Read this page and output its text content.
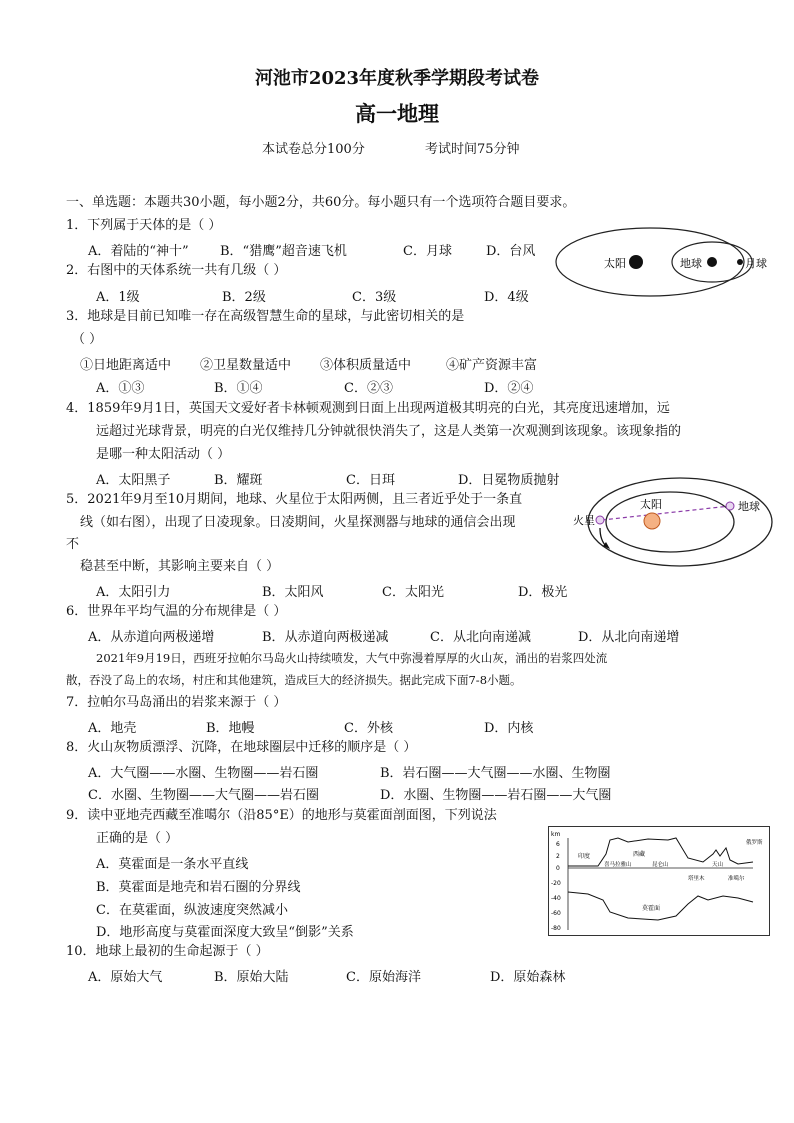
河池市2023年度秋季学期段考试卷
高一地理
本试卷总分100分	考试时间75分钟
一、单选题：本题共30小题，每小题2分，共60分。每小题只有一个选项符合题目要求。
1．下列属于天体的是（ ）
A．着陆的“神十” B．“猎鹰”超音速飞机	C．月球	D．台风
2．右图中的天体系统一共有几级（ ）
A．1级	B．2级	C．3级	D．4级
太阳	地球	月球
3．地球是目前已知唯一存在高级智慧生命的星球，与此密切相关的是
（ ）
①日地距离适中 ②卫星数量适中 ③体积质量适中	④矿产资源丰富
A．①③	B．①④	C．②③	D．②④
4．1859年9月1日，英国天文爱好者卡林顿观测到日面上出现两道极其明亮的白光，其亮度迅速增加，远
远超过光球背景，明亮的白光仅维持几分钟就很快消失了，这是人类第一次观测到该现象。该现象指的
是哪一种太阳活动（ ）
A．太阳黑子	B．耀斑	C．日珥	D．日冕物质抛射
5．2021年9月至10月期间，地球、火星位于太阳两侧，且三者近乎处于一条直
线（如右图），出现了日凌现象。日凌期间，火星探测器与地球的通信会出现
不
稳甚至中断，其影响主要来自（ ）
A．太阳引力	B．太阳风	C．太阳光	D．极光
太阳	地球
火星
6．世界年平均气温的分布规律是（ ）
A．从赤道向两极递增	B．从赤道向两极递减	C．从北向南递减	D．从北向南递增
2021年9月19日，西班牙拉帕尔马岛火山持续喷发，大气中弥漫着厚厚的火山灰，涌出的岩浆四处流
散，吞没了岛上的农场，村庄和其他建筑，造成巨大的经济损失。据此完成下面7-8小题。
7．拉帕尔马岛涌出的岩浆来源于（ ）
A．地壳	B．地幔	C．外核	D．内核
8．火山灰物质漂浮、沉降，在地球圈层中迁移的顺序是（ ）
A．大气圈——水圈、生物圈——岩石圈	B．岩石圈——大气圈——水圈、生物圈
C．水圈、生物圈——大气圈——岩石圈	D．水圈、生物圈——岩石圈——大气圈
9．读中亚地壳西藏至准噶尔（沿85°E）的地形与莫霍面剖面图，下列说法
正确的是（ ）
A．莫霍面是一条水平直线
B．莫霍面是地壳和岩石圈的分界线
C．在莫霍面，纵波速度突然减小
D．地形高度与莫霍面深度大致呈“倒影”关系
km
6
2
0
-20
-40
-60
-80
印度	西藏
喜马拉雅山	昆仑山	天山
塔里木	准噶尔
俄罗斯
莫霍面
10．地球上最初的生命起源于（ ）
A．原始大气	B．原始大陆	C．原始海洋	D．原始森林
